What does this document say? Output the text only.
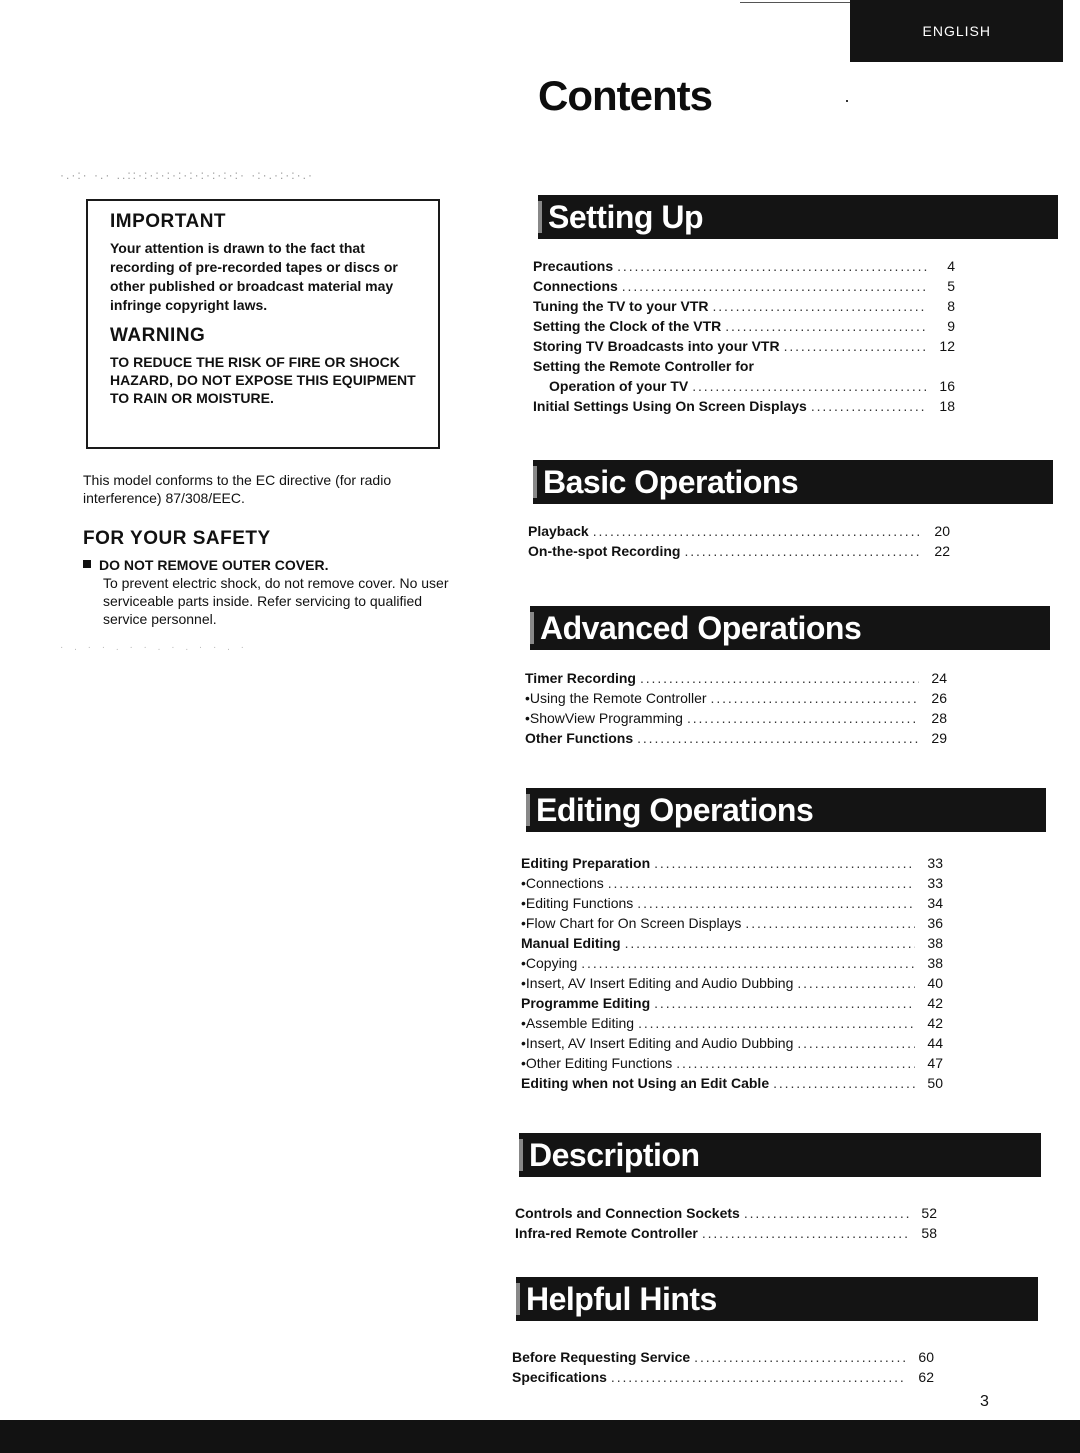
ENGLISH
Contents
·.·:· ·.· ..::·:·:·:·:·:·:·:·:·:· ·:·.·:·:·.·

IMPORTANT

Your attention is drawn to the fact that recording of pre-recorded tapes or discs or other published or broadcast material may infringe copyright laws.

WARNING

TO REDUCE THE RISK OF FIRE OR SHOCK HAZARD, DO NOT EXPOSE THIS EQUIPMENT TO RAIN OR MOISTURE.

This model conforms to the EC directive (for radio interference) 87/308/EEC.
FOR YOUR SAFETY
DO NOT REMOVE OUTER COVER.
To prevent electric shock, do not remove cover. No user serviceable parts inside. Refer servicing to qualified service personnel.
· . · · . · · . · . · · . ·
Setting Up
Precautions . . .	4
Connections . . .	5
Tuning the TV to your VTR . . .	8
Setting the Clock of the VTR . . .	9
Storing TV Broadcasts into your VTR . . .	12
Setting the Remote Controller for
Operation of your TV . . .	16
Initial Settings Using On Screen Displays . . .	18
Basic Operations
Playback . . .	20
On-the-spot Recording . . .	22
Advanced Operations
Timer Recording . . .	24
•Using the Remote Controller . . .	26
•ShowView Programming . . .	28
Other Functions . . .	29
Editing Operations
Editing Preparation . . .	33
•Connections . . .	33
•Editing Functions . . .	34
•Flow Chart for On Screen Displays . . .	36
Manual Editing . . .	38
•Copying . . .	38
•Insert, AV Insert Editing and Audio Dubbing . . .	40
Programme Editing . . .	42
•Assemble Editing . . .	42
•Insert, AV Insert Editing and Audio Dubbing . . .	44
•Other Editing Functions . . .	47
Editing when not Using an Edit Cable . . .	50
Description
Controls and Connection Sockets . . .	52
Infra-red Remote Controller . . .	58
Helpful Hints
Before Requesting Service . . .	60
Specifications . . .	62
3
